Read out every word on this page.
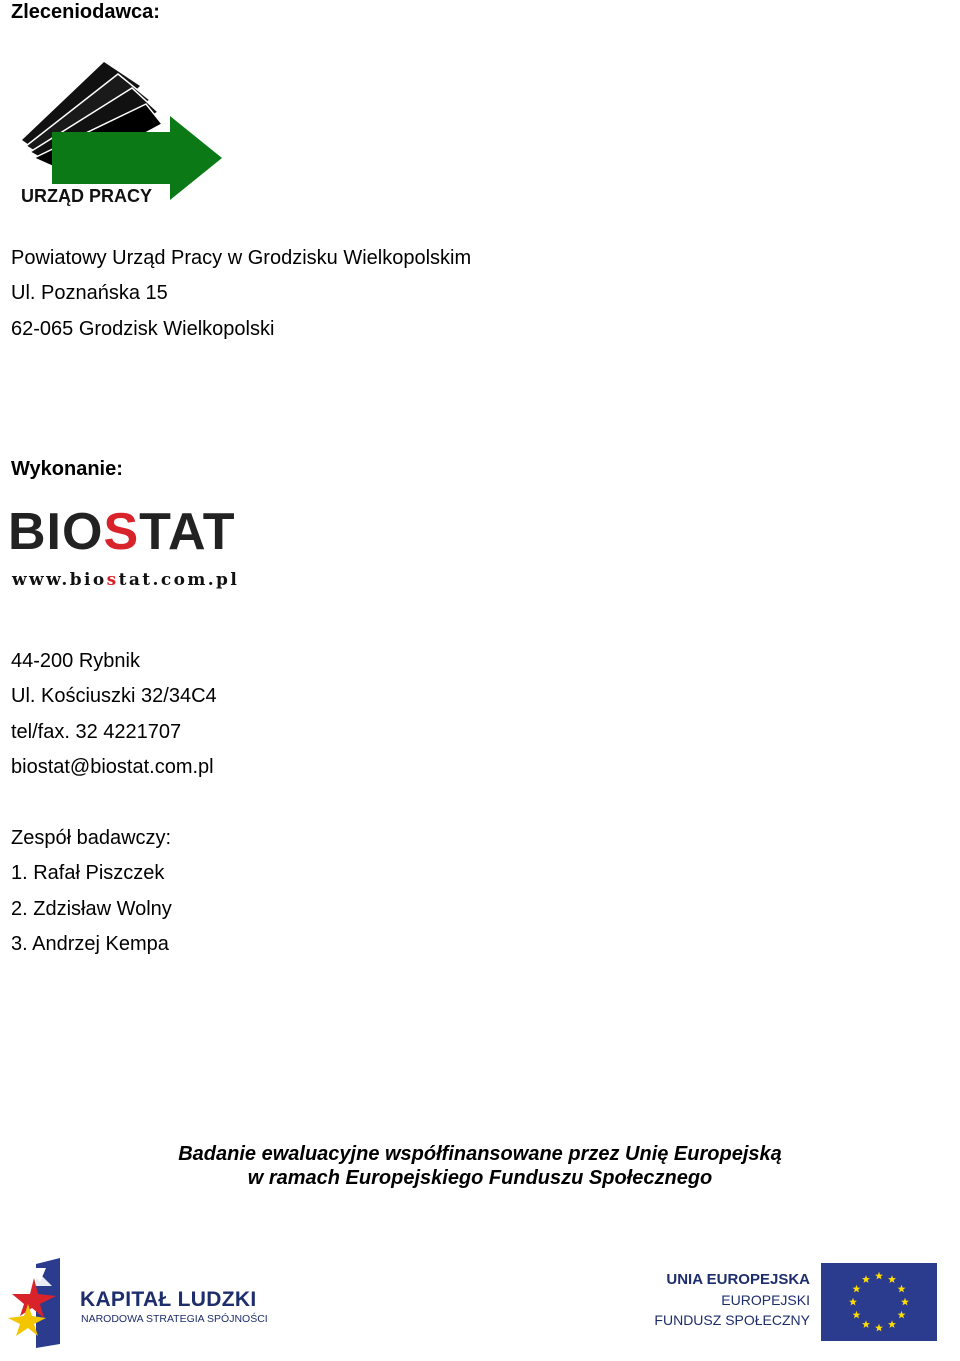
Zleceniodawca:
URZĄD PRACY
Powiatowy Urząd Pracy w Grodzisku Wielkopolskim
Ul. Poznańska 15
62-065 Grodzisk Wielkopolski
Wykonanie:
BIOSTAT
www.biostat.com.pl
44-200 Rybnik
Ul. Kościuszki 32/34C4
tel/fax. 32 4221707
biostat@biostat.com.pl
Zespół badawczy:
1. Rafał Piszczek
2. Zdzisław Wolny
3. Andrzej Kempa
Badanie ewaluacyjne współfinansowane przez Unię Europejską
w ramach Europejskiego Funduszu Społecznego
KAPITAŁ LUDZKI
NARODOWA STRATEGIA SPÓJNOŚCI
UNIA EUROPEJSKA
EUROPEJSKI
FUNDUSZ SPOŁECZNY
